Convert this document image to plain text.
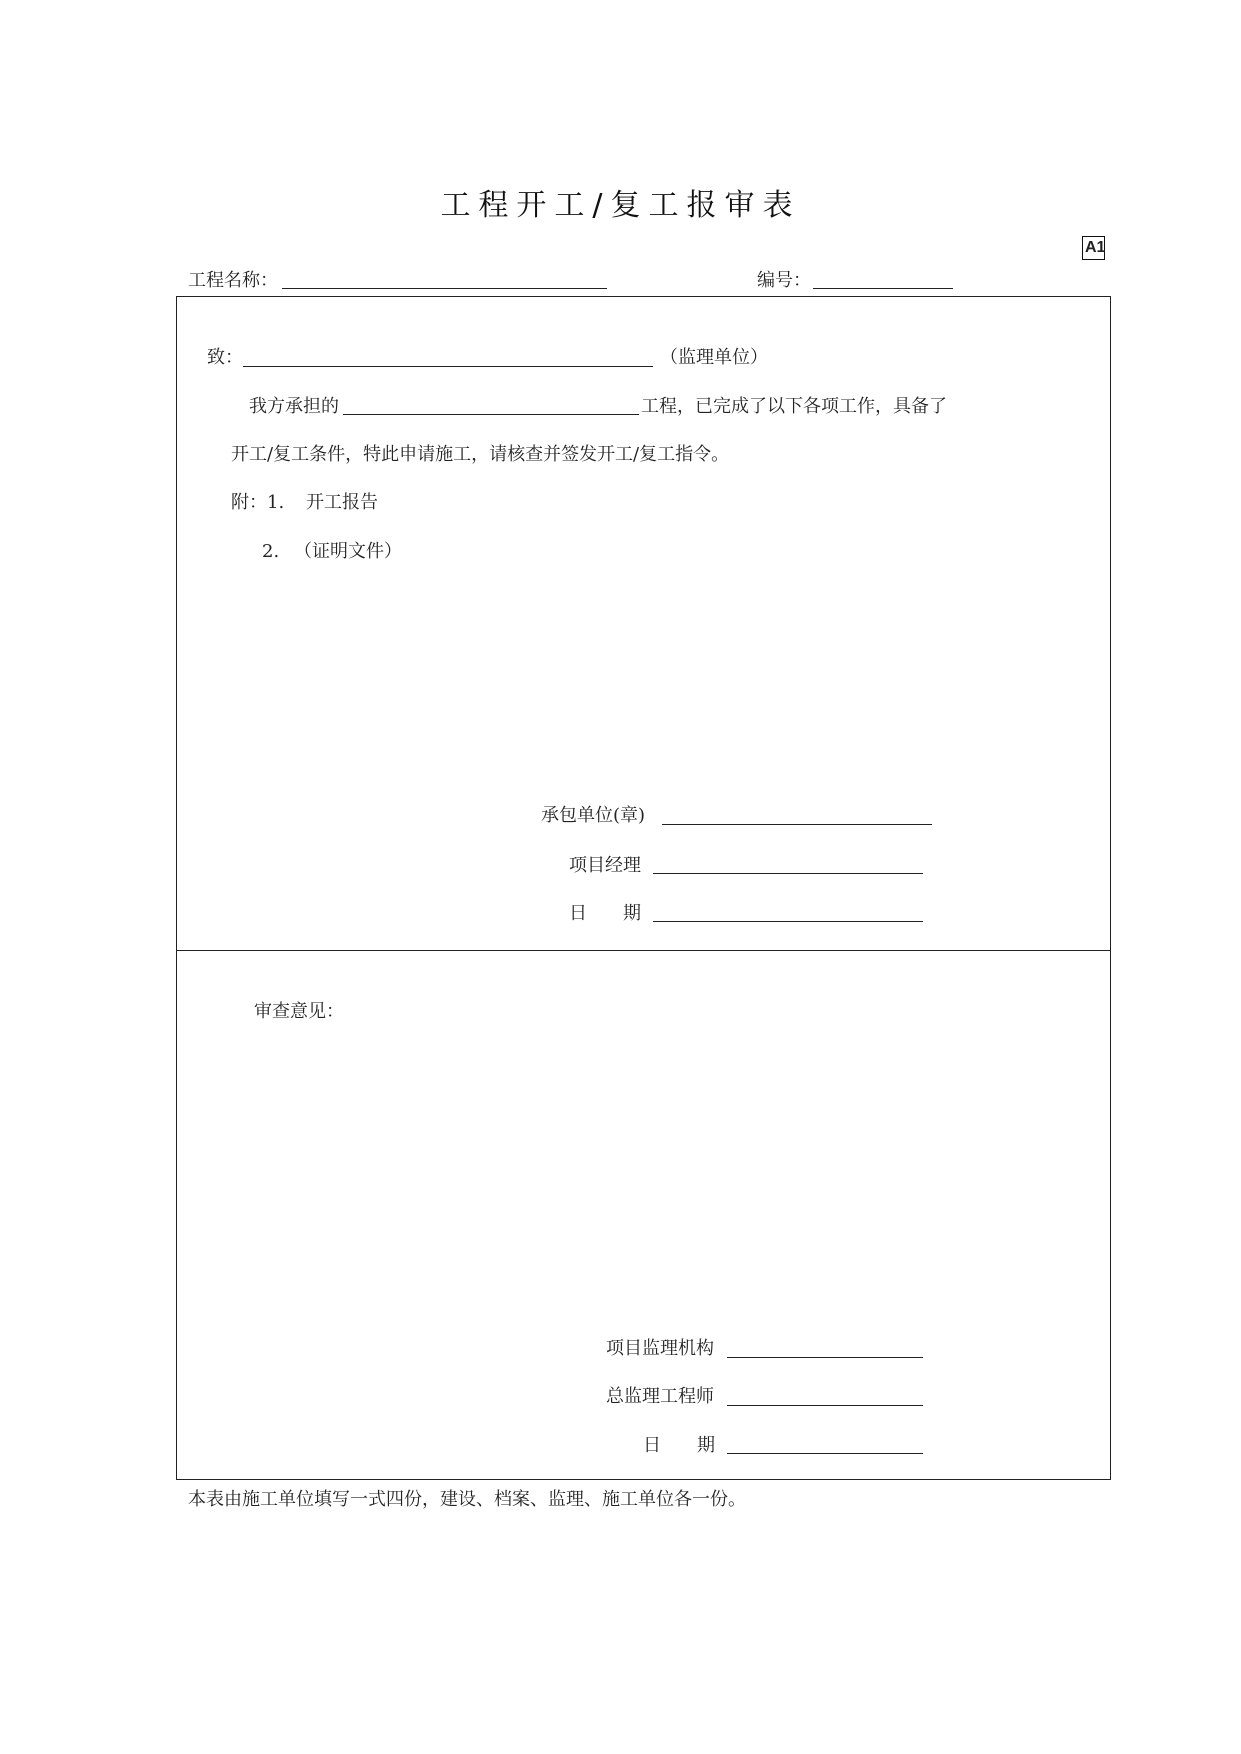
工程开工/复工报审表
A1
工程名称：	编号：
致：	（监理单位）
我方承担的	工程，已完成了以下各项工作，具备了
开工/复工条件，特此申请施工，请核查并签发开工/复工指令。
附：1. 开工报告
2. （证明文件）
承包单位(章)
项目经理
日　　期
审查意见：
项目监理机构
总监理工程师
日　　期
本表由施工单位填写一式四份，建设、档案、监理、施工单位各一份。
